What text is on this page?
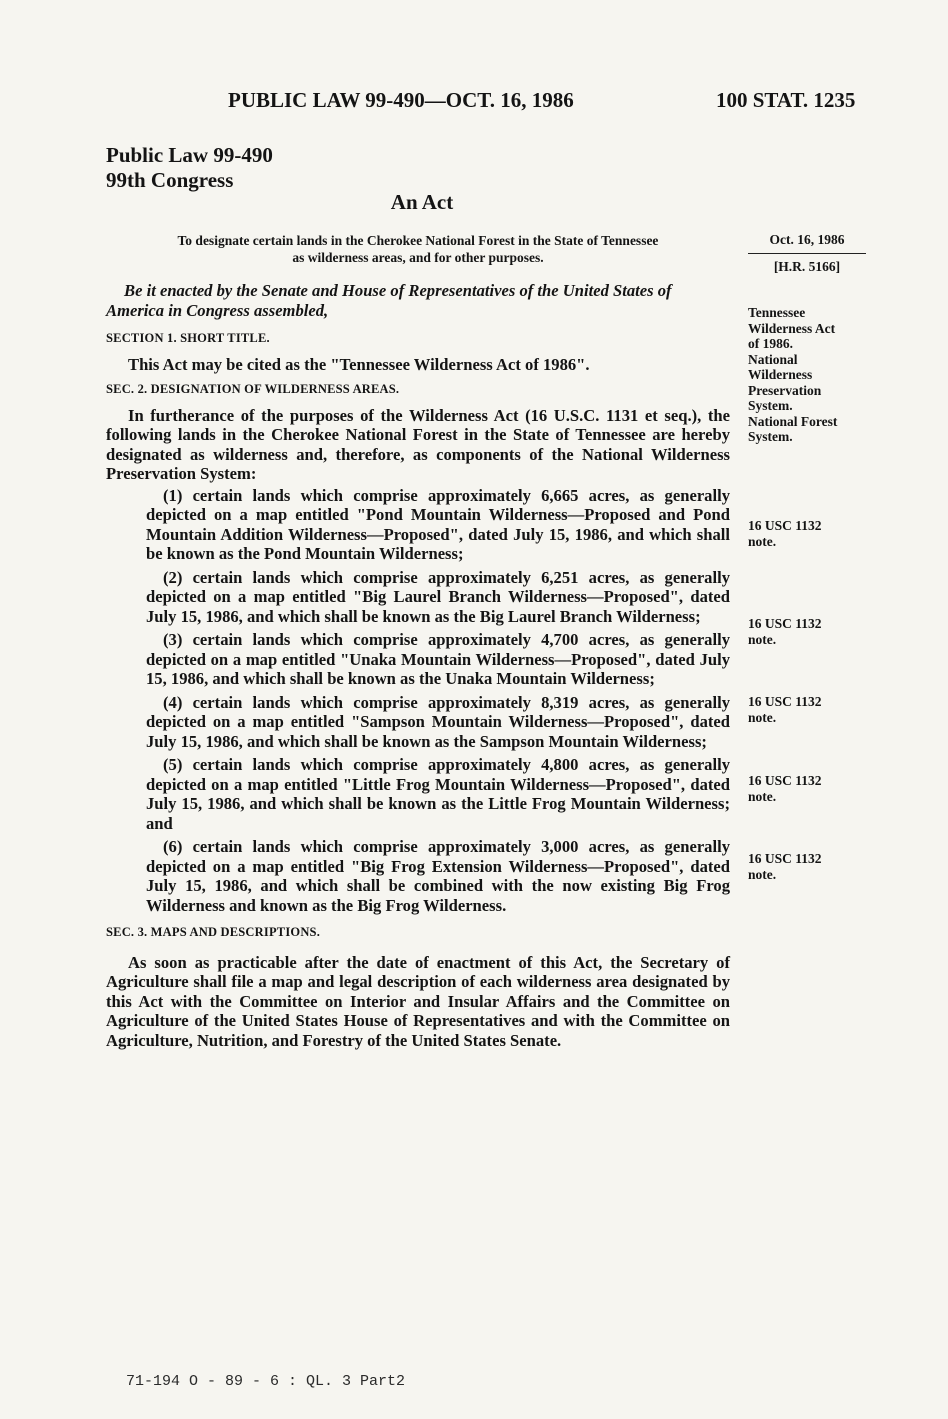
PUBLIC LAW 99-490—OCT. 16, 1986	100 STAT. 1235
Public Law 99-490
99th Congress
An Act
To designate certain lands in the Cherokee National Forest in the State of Tennessee
as wilderness areas, and for other purposes.
Oct. 16, 1986
[H.R. 5166]

Be it enacted by the Senate and House of Representatives of the United States of America in Congress assembled,

SECTION 1. SHORT TITLE.

This Act may be cited as the "Tennessee Wilderness Act of 1986".

SEC. 2. DESIGNATION OF WILDERNESS AREAS.

In furtherance of the purposes of the Wilderness Act (16 U.S.C. 1131 et seq.), the following lands in the Cherokee National Forest in the State of Tennessee are hereby designated as wilderness and, therefore, as components of the National Wilderness Preservation System:

(1) certain lands which comprise approximately 6,665 acres, as generally depicted on a map entitled "Pond Mountain Wilderness—Proposed and Pond Mountain Addition Wilderness—Proposed", dated July 15, 1986, and which shall be known as the Pond Mountain Wilderness;
(2) certain lands which comprise approximately 6,251 acres, as generally depicted on a map entitled "Big Laurel Branch Wilderness—Proposed", dated July 15, 1986, and which shall be known as the Big Laurel Branch Wilderness;
(3) certain lands which comprise approximately 4,700 acres, as generally depicted on a map entitled "Unaka Mountain Wilderness—Proposed", dated July 15, 1986, and which shall be known as the Unaka Mountain Wilderness;
(4) certain lands which comprise approximately 8,319 acres, as generally depicted on a map entitled "Sampson Mountain Wilderness—Proposed", dated July 15, 1986, and which shall be known as the Sampson Mountain Wilderness;
(5) certain lands which comprise approximately 4,800 acres, as generally depicted on a map entitled "Little Frog Mountain Wilderness—Proposed", dated July 15, 1986, and which shall be known as the Little Frog Mountain Wilderness; and
(6) certain lands which comprise approximately 3,000 acres, as generally depicted on a map entitled "Big Frog Extension Wilderness—Proposed", dated July 15, 1986, and which shall be combined with the now existing Big Frog Wilderness and known as the Big Frog Wilderness.
SEC. 3. MAPS AND DESCRIPTIONS.

As soon as practicable after the date of enactment of this Act, the Secretary of Agriculture shall file a map and legal description of each wilderness area designated by this Act with the Committee on Interior and Insular Affairs and the Committee on Agriculture of the United States House of Representatives and with the Committee on Agriculture, Nutrition, and Forestry of the United States Senate.

Tennessee
Wilderness Act
of 1986.
National
Wilderness
Preservation
System.
National Forest
System.
16 USC 1132
note.
16 USC 1132
note.
16 USC 1132
note.
16 USC 1132
note.
16 USC 1132
note.
71-194 O - 89 - 6 : QL. 3 Part2
